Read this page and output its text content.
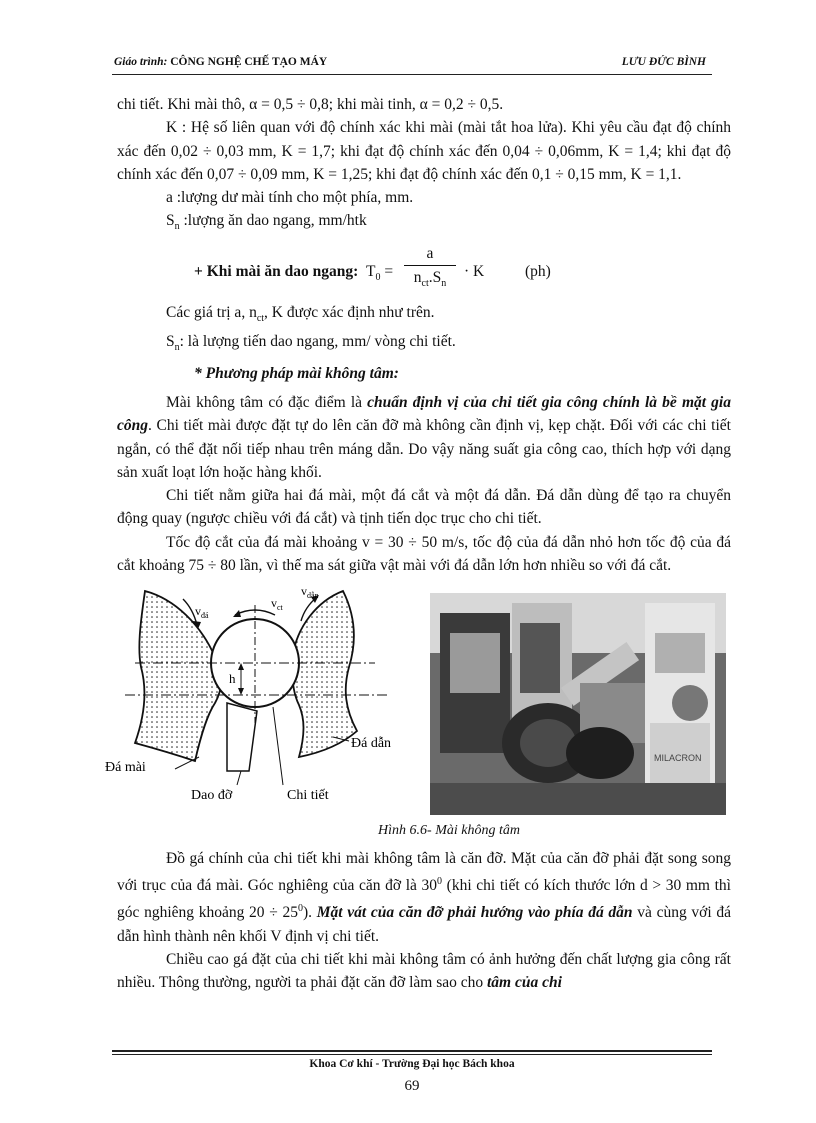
Giáo trình: CÔNG NGHỆ CHẾ TẠO MÁY	LƯU ĐỨC BÌNH

chi tiết. Khi mài thô, α = 0,5 ÷ 0,8; khi mài tinh, α = 0,2 ÷ 0,5.

K : Hệ số liên quan với độ chính xác khi mài (mài tắt hoa lửa). Khi yêu cầu đạt độ chính xác đến 0,02 ÷ 0,03 mm, K = 1,7; khi đạt độ chính xác đến 0,04 ÷ 0,06mm, K = 1,4; khi đạt độ chính xác đến 0,07 ÷ 0,09 mm, K = 1,25; khi đạt độ chính xác đến 0,1 ÷ 0,15 mm, K = 1,1.

a :lượng dư mài tính cho một phía, mm.

$S_n$ :lượng ăn dao ngang, mm/htk

+ Khi mài ăn dao ngang: $T_0$ =
a
$n_{ct}.S_n$
· K	(ph)

Các giá trị a, $n_{ct}$, K được xác định như trên.

$S_n$: là lượng tiến dao ngang, mm/ vòng chi tiết.

* Phương pháp mài không tâm:

Mài không tâm có đặc điểm là chuẩn định vị của chi tiết gia công chính là bề mặt gia công. Chi tiết mài được đặt tự do lên căn đỡ mà không cần định vị, kẹp chặt. Đối với các chi tiết ngắn, có thể đặt nối tiếp nhau trên máng dẫn. Do vậy năng suất gia công cao, thích hợp với dạng sản xuất loạt lớn hoặc hàng khối.

Chi tiết nằm giữa hai đá mài, một đá cắt và một đá dẫn. Đá dẫn dùng để tạo ra chuyển động quay (ngược chiều với đá cắt) và tịnh tiến dọc trục cho chi tiết.

Tốc độ cắt của đá mài khoảng v = 30 ÷ 50 m/s, tốc độ của đá dẫn nhỏ hơn tốc độ của đá cắt khoảng 75 ÷ 80 lần, vì thế ma sát giữa vật mài với đá dẫn lớn hơn nhiều so với đá cắt.

$v_{đá}$
$v_{ct}$
$v_{dẫn}$
h
Đá dẫn
Đá mài
Dao đỡ	Chi tiết
MILACRON

Hình 6.6- Mài không tâm

Đồ gá chính của chi tiết khi mài không tâm là căn đỡ. Mặt của căn đỡ phải đặt song song với trục của đá mài. Góc nghiêng của căn đỡ là $30^0$ (khi chi tiết có kích thước lớn d > 30 mm thì góc nghiêng khoảng $20 \div 25^0$). Mặt vát của căn đỡ phải hướng vào phía đá dẫn và cùng với đá dẫn hình thành nên khối V định vị chi tiết.

Chiều cao gá đặt của chi tiết khi mài không tâm có ảnh hưởng đến chất lượng gia công rất nhiều. Thông thường, người ta phải đặt căn đỡ làm sao cho tâm của chi

Khoa Cơ khí - Trường Đại học Bách khoa
69
